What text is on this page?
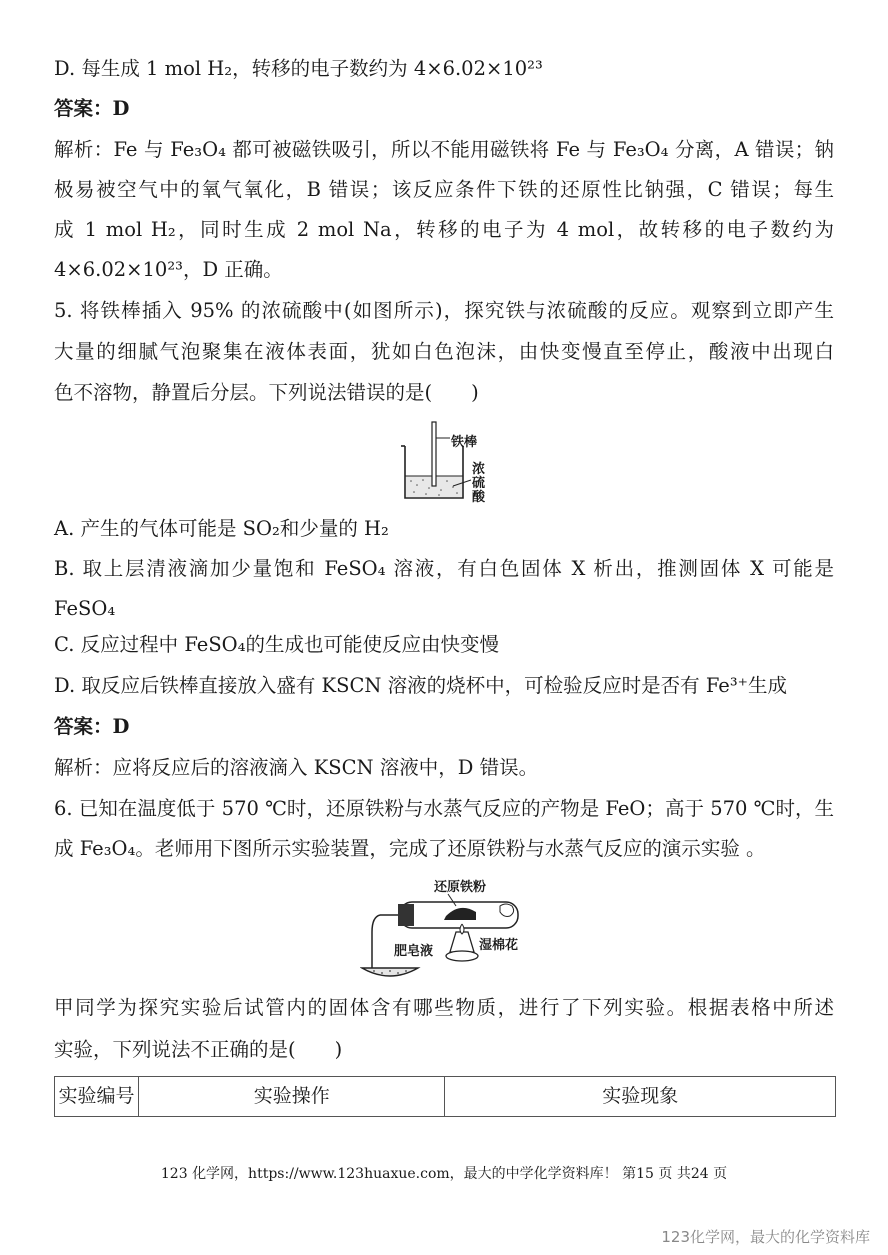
D. 每生成 1 mol H₂，转移的电子数约为 4×6.02×10²³
答案：D
解析：Fe 与 Fe₃O₄ 都可被磁铁吸引，所以不能用磁铁将 Fe 与 Fe₃O₄ 分离，A 错误；钠
极易被空气中的氧气氧化，B 错误；该反应条件下铁的还原性比钠强，C 错误；每生
成 1 mol H₂，同时生成 2 mol Na，转移的电子为 4 mol，故转移的电子数约为
4×6.02×10²³，D 正确。
5. 将铁棒插入 95% 的浓硫酸中(如图所示)，探究铁与浓硫酸的反应。观察到立即产生
大量的细腻气泡聚集在液体表面，犹如白色泡沫，由快变慢直至停止，酸液中出现白
色不溶物，静置后分层。下列说法错误的是(　　)
铁棒
浓
硫
酸
A. 产生的气体可能是 SO₂和少量的 H₂
B. 取上层清液滴加少量饱和 FeSO₄ 溶液，有白色固体 X 析出，推测固体 X 可能是
FeSO₄
C. 反应过程中 FeSO₄的生成也可能使反应由快变慢
D. 取反应后铁棒直接放入盛有 KSCN 溶液的烧杯中，可检验反应时是否有 Fe³⁺生成
答案：D
解析：应将反应后的溶液滴入 KSCN 溶液中，D 错误。
6. 已知在温度低于 570 ℃时，还原铁粉与水蒸气反应的产物是 FeO；高于 570 ℃时，生
成 Fe₃O₄。老师用下图所示实验装置，完成了还原铁粉与水蒸气反应的演示实验 。
还原铁粉
湿棉花
肥皂液
甲同学为探究实验后试管内的固体含有哪些物质，进行了下列实验。根据表格中所述
实验，下列说法不正确的是(　　)
实验编号	实验操作	实验现象
123 化学网，https://www.123huaxue.com，最大的中学化学资料库！ 第15 页 共24 页
123化学网，最大的化学资料库
